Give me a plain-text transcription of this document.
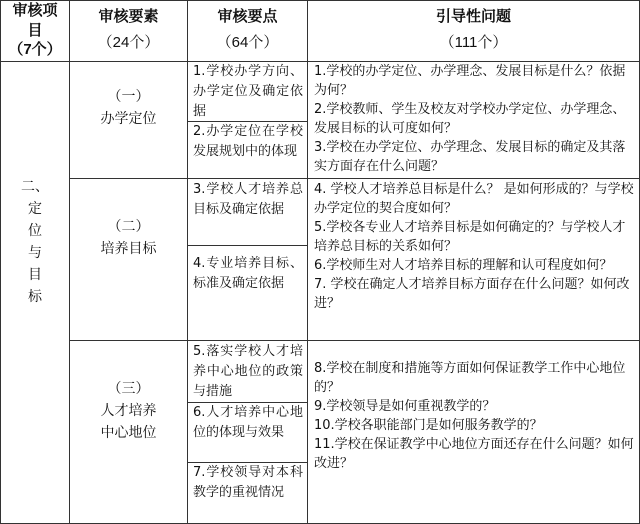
审核项
目
（7个）
审核要素
（24个）
审核要点
（64个）
引导性问题
（111个）
二、
定
位
与
目
标

（一）

办学定位

（二）

培养目标

（三）

人才培养

中心地位

1.学校办学方向、办学定位及确定依据

2.办学定位在学校发展规划中的体现

3.学校人才培养总目标及确定依据

4.专业培养目标、标准及确定依据

5.落实学校人才培养中心地位的政策与措施

6.人才培养中心地位的体现与效果

7.学校领导对本科教学的重视情况

1.学校的办学定位、办学理念、发展目标是什么？依据为何？

2.学校教师、学生及校友对学校办学定位、办学理念、发展目标的认可度如何？

3.学校在办学定位、办学理念、发展目标的确定及其落实方面存在什么问题？

4. 学校人才培养总目标是什么？ 是如何形成的？与学校办学定位的契合度如何？

5.学校各专业人才培养目标是如何确定的？与学校人才培养总目标的关系如何？

6.学校师生对人才培养目标的理解和认可程度如何？

7. 学校在确定人才培养目标方面存在什么问题？如何改进？

8.学校在制度和措施等方面如何保证教学工作中心地位的？

9.学校领导是如何重视教学的？

10.学校各职能部门是如何服务教学的？

11.学校在保证教学中心地位方面还存在什么问题？如何改进？
